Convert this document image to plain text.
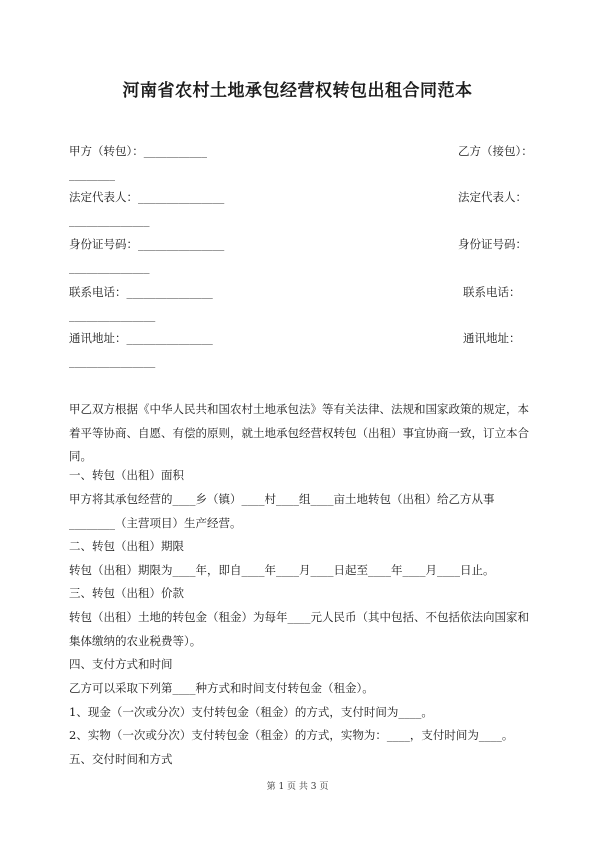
河南省农村土地承包经营权转包出租合同范本
甲方（转包）：___________	乙方（接包）：
________
法定代表人：_______________	法定代表人：
______________
身份证号码：_______________	身份证号码：
______________
联系电话：_______________	联系电话：
_______________
通讯地址：_______________	通讯地址：
_______________
甲乙双方根据《中华人民共和国农村土地承包法》等有关法律、法规和国家政策的规定，本着平等协商、自愿、有偿的原则，就土地承包经营权转包（出租）事宜协商一致，订立本合同。
一、转包（出租）面积
甲方将其承包经营的____乡（镇）____村____组____亩土地转包（出租）给乙方从事________（主营项目）生产经营。
二、转包（出租）期限
转包（出租）期限为____年，即自____年____月____日起至____年____月____日止。
三、转包（出租）价款
转包（出租）土地的转包金（租金）为每年____元人民币（其中包括、不包括依法向国家和集体缴纳的农业税费等）。
四、支付方式和时间
乙方可以采取下列第____种方式和时间支付转包金（租金）。
1、现金（一次或分次）支付转包金（租金）的方式，支付时间为____。
2、实物（一次或分次）支付转包金（租金）的方式，实物为：____，支付时间为____。
五、交付时间和方式
第 1 页 共 3 页
